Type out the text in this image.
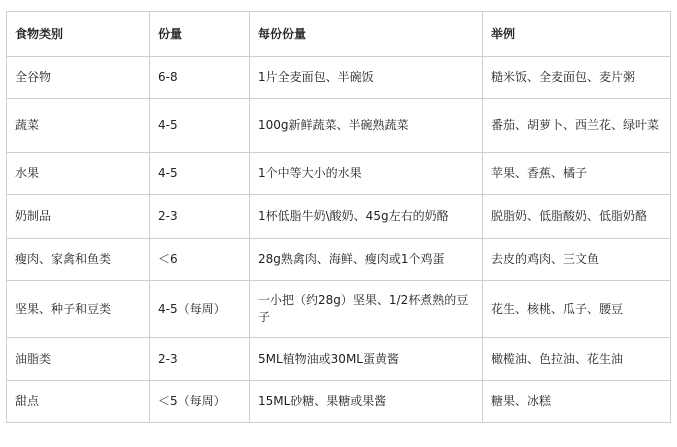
食物类别	份量	每份份量	举例
全谷物	6-8	1片全麦面包、半碗饭	糙米饭、全麦面包、麦片粥
蔬菜	4-5	100g新鲜蔬菜、半碗熟蔬菜	番茄、胡萝卜、西兰花、绿叶菜
水果	4-5	1个中等大小的水果	苹果、香蕉、橘子
奶制品	2-3	1杯低脂牛奶\酸奶、45g左右的奶酪	脱脂奶、低脂酸奶、低脂奶酪
瘦肉、家禽和鱼类	＜6	28g熟禽肉、海鲜、瘦肉或1个鸡蛋	去皮的鸡肉、三文鱼
坚果、种子和豆类	4-5（每周）	一小把（约28g）坚果、1/2杯煮熟的豆子	花生、核桃、瓜子、腰豆
油脂类	2-3	5ML植物油或30ML蛋黄酱	橄榄油、色拉油、花生油
甜点	＜5（每周）	15ML砂糖、果糖或果酱	糖果、冰糕
